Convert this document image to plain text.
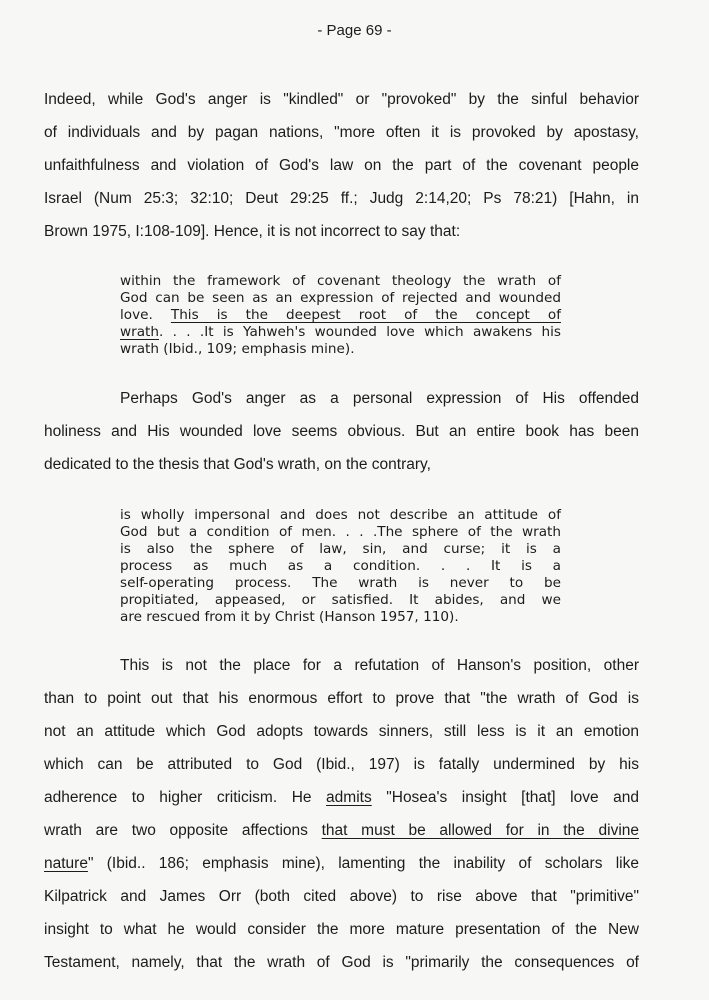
- Page 69 -
Indeed, while God's anger is "kindled" or "provoked" by the sinful behavior
of individuals and by pagan nations, "more often it is provoked by apostasy,
unfaithfulness and violation of God's law on the part of the covenant people
Israel (Num 25:3; 32:10; Deut 29:25 ff.; Judg 2:14,20; Ps 78:21) [Hahn, in
Brown 1975, I:108-109]. Hence, it is not incorrect to say that:
within the framework of covenant theology the wrath of
God can be seen as an expression of rejected and wounded
love. This is the deepest root of the concept of
wrath. . . .It is Yahweh's wounded love which awakens his
wrath (Ibid., 109; emphasis mine).
Perhaps God's anger as a personal expression of His offended
holiness and His wounded love seems obvious. But an entire book has been
dedicated to the thesis that God's wrath, on the contrary,
is wholly impersonal and does not describe an attitude of
God but a condition of men. . . .The sphere of the wrath
is also the sphere of law, sin, and curse; it is a
process as much as a condition. . . It is a
self-operating process. The wrath is never to be
propitiated, appeased, or satisfied. It abides, and we
are rescued from it by Christ (Hanson 1957, 110).
This is not the place for a refutation of Hanson's position, other
than to point out that his enormous effort to prove that "the wrath of God is
not an attitude which God adopts towards sinners, still less is it an emotion
which can be attributed to God (Ibid., 197) is fatally undermined by his
adherence to higher criticism. He admits "Hosea's insight [that] love and
wrath are two opposite affections that must be allowed for in the divine
nature" (Ibid.. 186; emphasis mine), lamenting the inability of scholars like
Kilpatrick and James Orr (both cited above) to rise above that "primitive"
insight to what he would consider the more mature presentation of the New
Testament, namely, that the wrath of God is "primarily the consequences of
